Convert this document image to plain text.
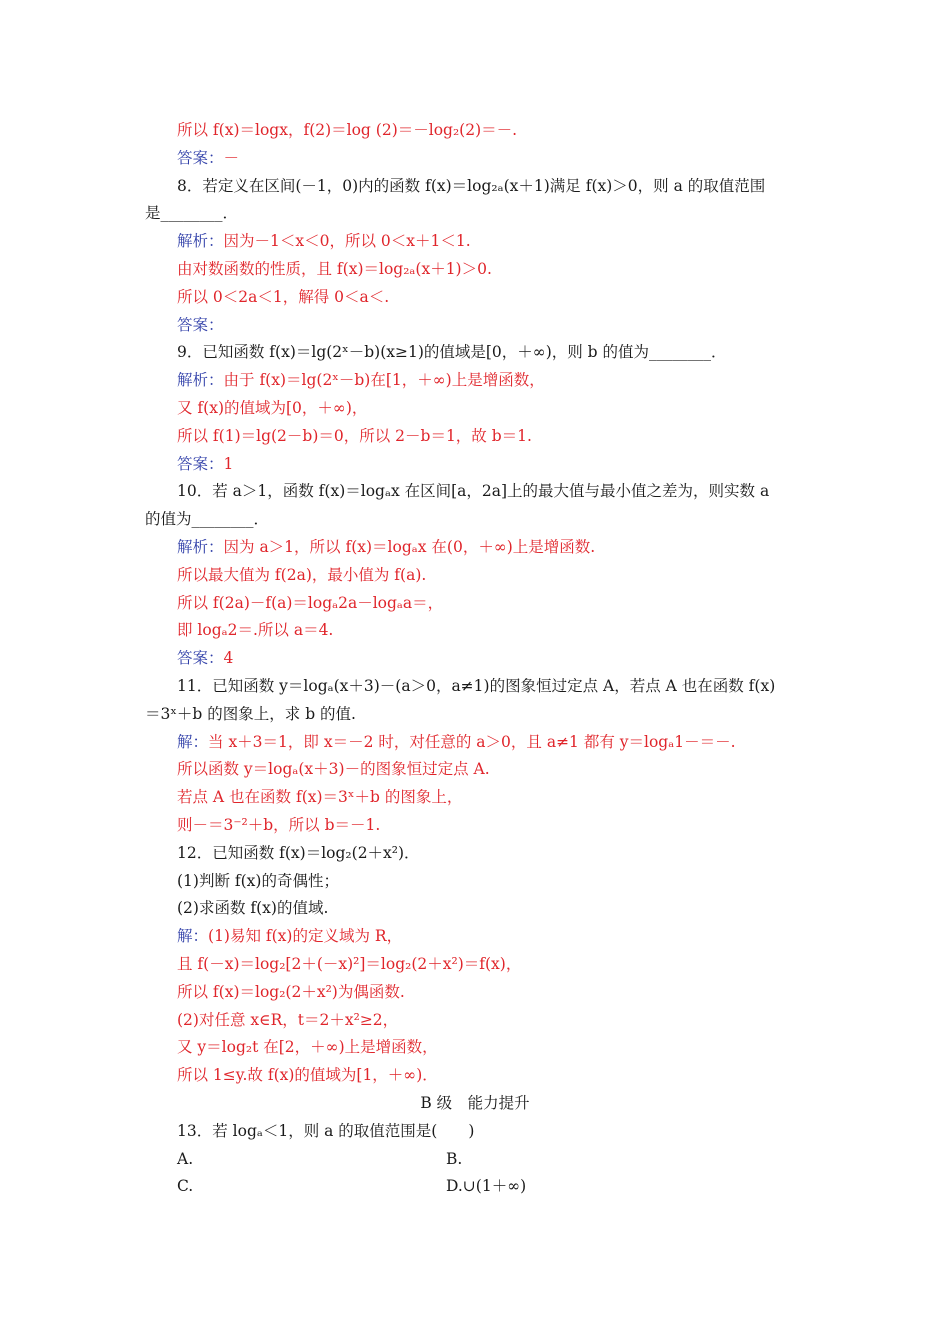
所以 f(x)＝logx，f(2)＝log (2)＝－log₂(2)＝－.
答案：－
8．若定义在区间(－1，0)内的函数 f(x)＝log₂ₐ(x＋1)满足 f(x)＞0，则 a 的取值范围
是________．
解析：因为－1＜x＜0，所以 0＜x＋1＜1.
由对数函数的性质，且 f(x)＝log₂ₐ(x＋1)＞0.
所以 0＜2a＜1，解得 0＜a＜.
答案：
9．已知函数 f(x)＝lg(2ˣ－b)(x≥1)的值域是[0，＋∞)，则 b 的值为________．
解析：由于 f(x)＝lg(2ˣ－b)在[1，＋∞)上是增函数，
又 f(x)的值域为[0，＋∞)，
所以 f(1)＝lg(2－b)＝0，所以 2－b＝1，故 b＝1.
答案：1
10．若 a＞1，函数 f(x)＝logₐx 在区间[a，2a]上的最大值与最小值之差为，则实数 a
的值为________．
解析：因为 a＞1，所以 f(x)＝logₐx 在(0，＋∞)上是增函数.
所以最大值为 f(2a)，最小值为 f(a).
所以 f(2a)－f(a)＝logₐ2a－logₐa＝，
即 logₐ2＝.所以 a＝4.
答案：4
11．已知函数 y＝logₐ(x＋3)－(a＞0，a≠1)的图象恒过定点 A，若点 A 也在函数 f(x)
＝3ˣ＋b 的图象上，求 b 的值.
解：当 x＋3＝1，即 x＝－2 时，对任意的 a＞0，且 a≠1 都有 y＝logₐ1－＝－.
所以函数 y＝logₐ(x＋3)－的图象恒过定点 A.
若点 A 也在函数 f(x)＝3ˣ＋b 的图象上，
则－＝3⁻²＋b，所以 b＝－1.
12．已知函数 f(x)＝log₂(2＋x²)．
(1)判断 f(x)的奇偶性；
(2)求函数 f(x)的值域.
解：(1)易知 f(x)的定义域为 R，
且 f(－x)＝log₂[2＋(－x)²]＝log₂(2＋x²)＝f(x)，
所以 f(x)＝log₂(2＋x²)为偶函数.
(2)对任意 x∈R，t＝2＋x²≥2，
又 y＝log₂t 在[2，＋∞)上是增函数，
所以 1≤y.故 f(x)的值域为[1，＋∞)．
B 级　能力提升
13．若 logₐ＜1，则 a 的取值范围是(　　)
A.	B.
C.	D.∪(1＋∞)
